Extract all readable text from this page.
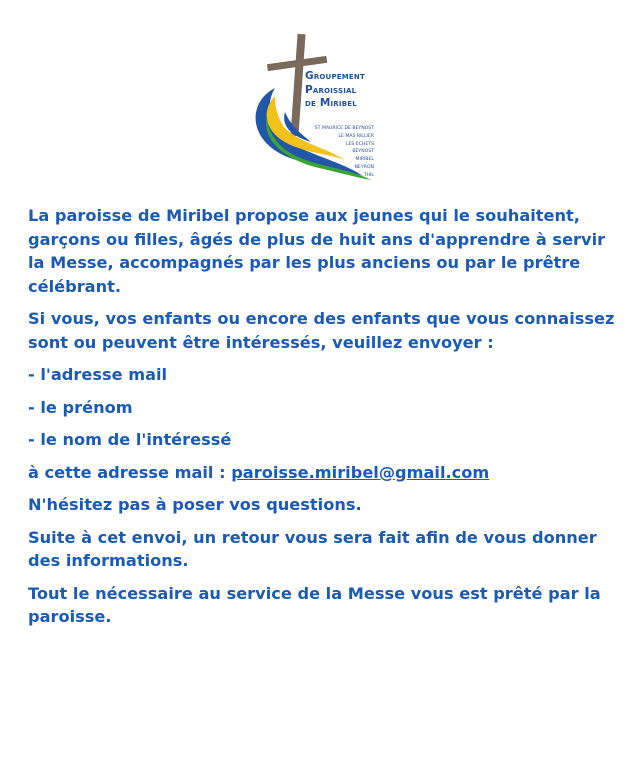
Groupement
Paroissial
de Miribel
ST MAURICE DE BEYNOST
LE MAS RILLIER
LES ECHETS
BEYNOST
MIRIBEL
NEYRON
THIL

La paroisse de Miribel propose aux jeunes qui le souhaitent, garçons ou filles, âgés de plus de huit ans d'apprendre à servir la Messe, accompagnés par les plus anciens ou par le prêtre célébrant.

Si vous, vos enfants ou encore des enfants que vous connaissez sont ou peuvent être intéressés, veuillez envoyer :

- l'adresse mail

- le prénom

- le nom de l'intéressé

à cette adresse mail : paroisse.miribel@gmail.com

N'hésitez pas à poser vos questions.

Suite à cet envoi, un retour vous sera fait afin de vous donner des informations.

Tout le nécessaire au service de la Messe vous est prêté par la paroisse.
